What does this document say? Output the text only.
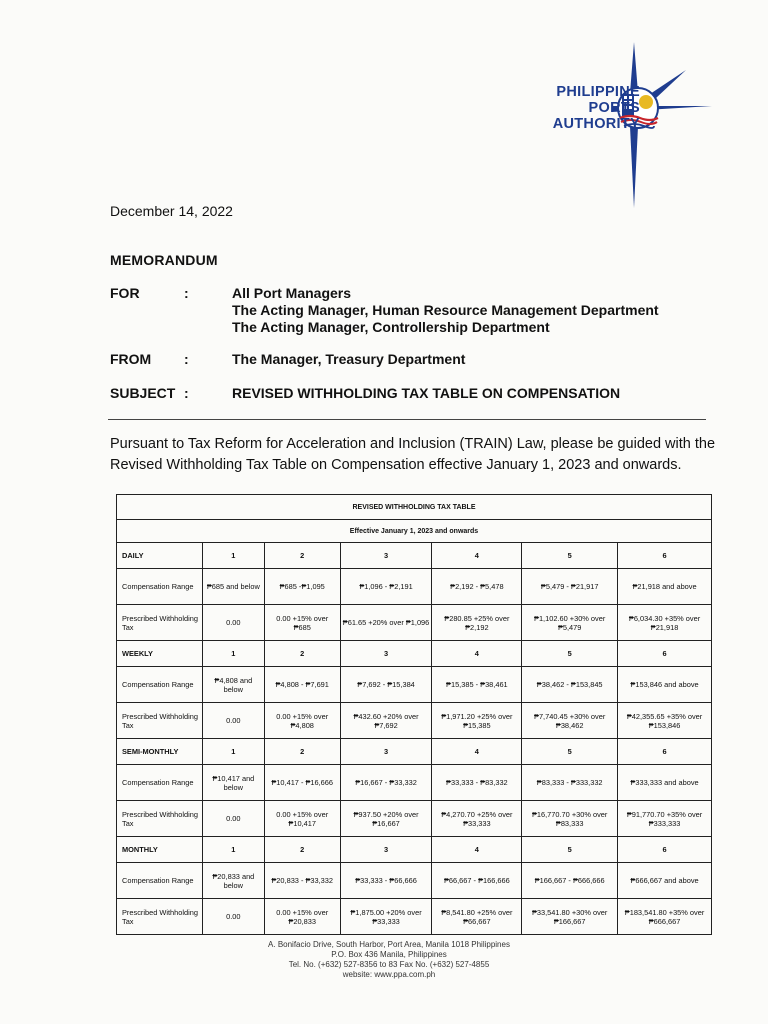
PHILIPPINE
PORTS
AUTHORITY
December 14, 2022
MEMORANDUM
FOR	:	All Port Managers
The Acting Manager, Human Resource Management Department
The Acting Manager, Controllership Department
FROM :	The Manager, Treasury Department
SUBJECT :	REVISED WITHHOLDING TAX TABLE ON COMPENSATION

Pursuant to Tax Reform for Acceleration and Inclusion (TRAIN) Law, please be guided with the Revised Withholding Tax Table on Compensation effective January 1, 2023 and onwards.

REVISED WITHHOLDING TAX TABLE						
Effective January 1, 2023 and onwards						
DAILY	1	2	3	4	5	6
Compensation Range	₱685 and below	₱685 -₱1,095	₱1,096 - ₱2,191	₱2,192 - ₱5,478	₱5,479 - ₱21,917	₱21,918 and above
Prescribed Withholding Tax	0.00	0.00 +15% over ₱685	₱61.65 +20% over ₱1,096	₱280.85 +25% over ₱2,192	₱1,102.60 +30% over ₱5,479	₱6,034.30 +35% over ₱21,918
WEEKLY	1	2	3	4	5	6
Compensation Range	₱4,808 and below	₱4,808 - ₱7,691	₱7,692 - ₱15,384	₱15,385 - ₱38,461	₱38,462 - ₱153,845	₱153,846 and above
Prescribed Withholding Tax	0.00	0.00 +15% over ₱4,808	₱432.60 +20% over ₱7,692	₱1,971.20 +25% over ₱15,385	₱7,740.45 +30% over ₱38,462	₱42,355.65 +35% over ₱153,846
SEMI-MONTHLY	1	2	3	4	5	6
Compensation Range	₱10,417 and below	₱10,417 - ₱16,666	₱16,667 - ₱33,332	₱33,333 - ₱83,332	₱83,333 - ₱333,332	₱333,333 and above
Prescribed Withholding Tax	0.00	0.00 +15% over ₱10,417	₱937.50 +20% over ₱16,667	₱4,270.70 +25% over ₱33,333	₱16,770.70 +30% over ₱83,333	₱91,770.70 +35% over ₱333,333
MONTHLY	1	2	3	4	5	6
Compensation Range	₱20,833 and below	₱20,833 - ₱33,332	₱33,333 - ₱66,666	₱66,667 - ₱166,666	₱166,667 - ₱666,666	₱666,667 and above
Prescribed Withholding Tax	0.00	0.00 +15% over ₱20,833	₱1,875.00 +20% over ₱33,333	₱8,541.80 +25% over ₱66,667	₱33,541.80 +30% over ₱166,667	₱183,541.80 +35% over ₱666,667
A. Bonifacio Drive, South Harbor, Port Area, Manila 1018 Philippines
P.O. Box 436 Manila, Philippines
Tel. No. (+632) 527-8356 to 83 Fax No. (+632) 527-4855
website: www.ppa.com.ph
